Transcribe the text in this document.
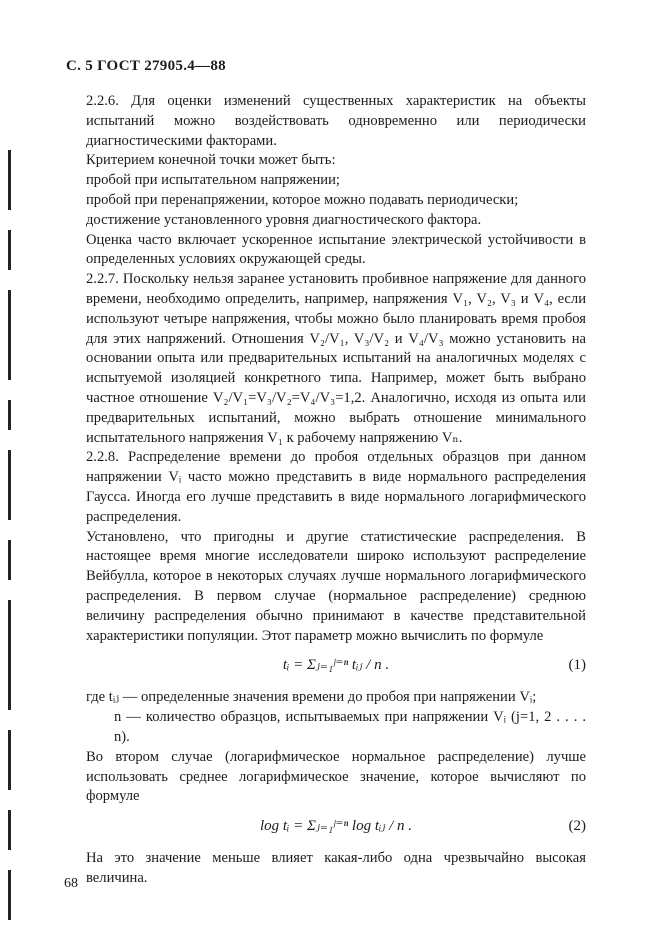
С. 5 ГОСТ 27905.4—88

2.2.6. Для оценки изменений существенных характеристик на объекты испытаний можно воздействовать одновременно или периодически диагностическими факторами.

Критерием конечной точки может быть:

пробой при испытательном напряжении;

пробой при перенапряжении, которое можно подавать периодически;

достижение установленного уровня диагностического фактора.

Оценка часто включает ускоренное испытание электрической устойчивости в определенных условиях окружающей среды.

2.2.7. Поскольку нельзя заранее установить пробивное напряжение для данного времени, необходимо определить, например, напряжения V₁, V₂, V₃ и V₄, если используют четыре напряжения, чтобы можно было планировать время пробоя для этих напряжений. Отношения V₂/V₁, V₃/V₂ и V₄/V₃ можно установить на основании опыта или предварительных испытаний на аналогичных моделях с испытуемой изоляцией конкретного типа. Например, может быть выбрано частное отношение V₂/V₁=V₃/V₂=V₄/V₃=1,2. Аналогично, исходя из опыта или предварительных испытаний, можно выбрать отношение минимального испытательного напряжения V₁ к рабочему напряжению Vₙ.

2.2.8. Распределение времени до пробоя отдельных образцов при данном напряжении Vᵢ часто можно представить в виде нормального распределения Гаусса. Иногда его лучше представить в виде нормального логарифмического распределения.

Установлено, что пригодны и другие статистические распределения. В настоящее время многие исследователи широко используют распределение Вейбулла, которое в некоторых случаях лучше нормального логарифмического распределения. В первом случае (нормальное распределение) среднюю величину распределения обычно принимают в качестве представительной характеристики популяции. Этот параметр можно вычислить по формуле

tᵢ = Σⱼ₌₁ʲ⁼ⁿ tᵢⱼ / n .	(1)

где tᵢⱼ — определенные значения времени до пробоя при напряжении Vᵢ;

n — количество образцов, испытываемых при напряжении Vᵢ (j=1, 2 . . . . n).

Во втором случае (логарифмическое нормальное распределение) лучше использовать среднее логарифмическое значение, которое вычисляют по формуле

log tᵢ = Σⱼ₌₁ʲ⁼ⁿ log tᵢⱼ / n .	(2)

На это значение меньше влияет какая-либо одна чрезвычайно высокая величина.

68
